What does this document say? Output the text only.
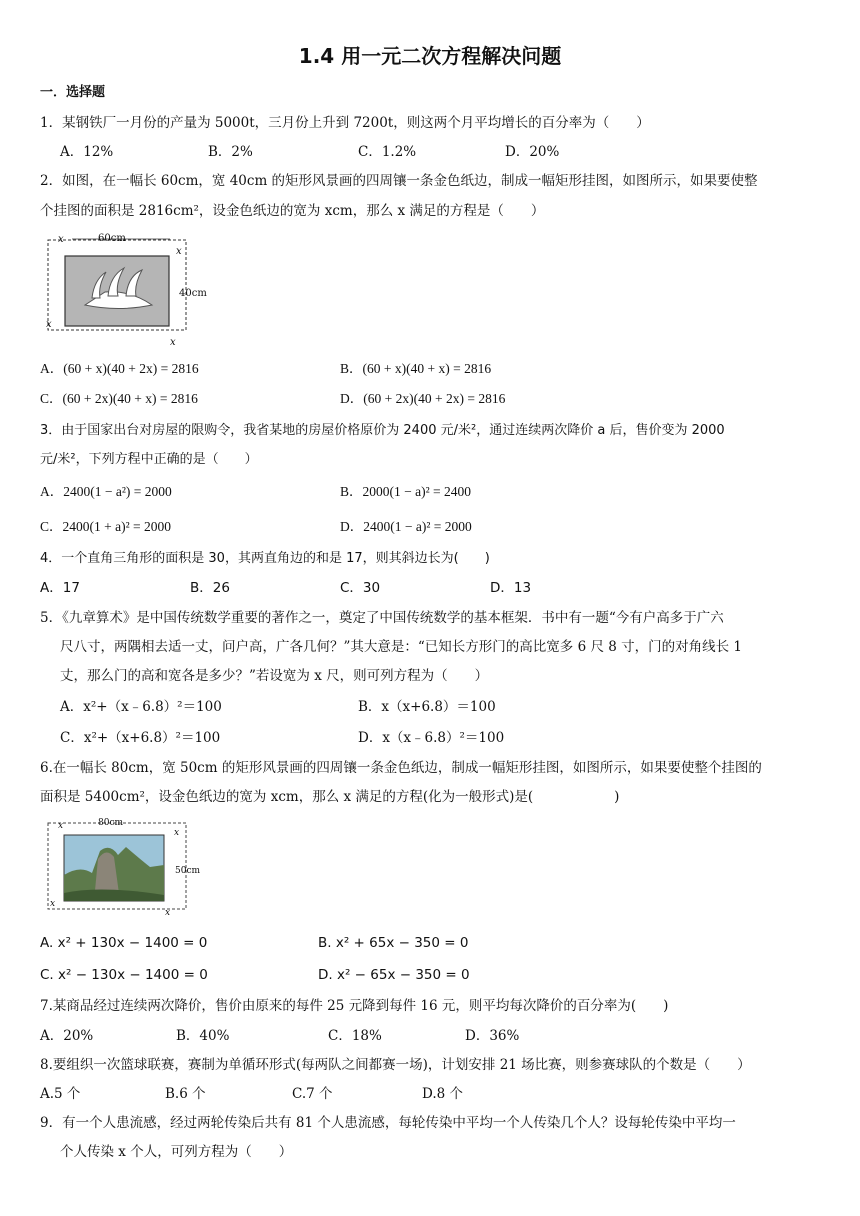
1.4 用一元二次方程解决问题
一．选择题
1．某钢铁厂一月份的产量为 5000t，三月份上升到 7200t，则这两个月平均增长的百分率为（　　）
A．12%	B．2%	C．1.2%	D．20%
2．如图，在一幅长 60cm，宽 40cm 的矩形风景画的四周镶一条金色纸边，制成一幅矩形挂图，如图所示，如果要使整
个挂图的面积是 2816cm²，设金色纸边的宽为 xcm，那么 x 满足的方程是（　　）
60cm
x
x
40cm
x
x
A．(60 + x)(40 + 2x) = 2816	B．(60 + x)(40 + x) = 2816
C．(60 + 2x)(40 + x) = 2816	D．(60 + 2x)(40 + 2x) = 2816
3．由于国家出台对房屋的限购令，我省某地的房屋价格原价为 2400 元/米²，通过连续两次降价 a 后，售价变为 2000
元/米²，下列方程中正确的是（　　）
A．2400(1 − a²) = 2000	B．2000(1 − a)² = 2400
C．2400(1 + a)² = 2000	D．2400(1 − a)² = 2000
4．一个直角三角形的面积是 30，其两直角边的和是 17，则其斜边长为(　　)
A．17	B．26	C．30	D．13
5．《九章算术》是中国传统数学重要的著作之一，奠定了中国传统数学的基本框架．书中有一题“今有户高多于广六
尺八寸，两隅相去适一丈，问户高，广各几何？”其大意是：“已知长方形门的高比宽多 6 尺 8 寸，门的对角线长 1
丈，那么门的高和宽各是多少？”若设宽为 x 尺，则可列方程为（　　）
A．x²+（x﹣6.8）²＝100	B．x（x+6.8）＝100
C．x²+（x+6.8）²＝100	D．x（x﹣6.8）²＝100
6.在一幅长 80cm，宽 50cm 的矩形风景画的四周镶一条金色纸边，制成一幅矩形挂图，如图所示，如果要使整个挂图的
面积是 5400cm²，设金色纸边的宽为 xcm，那么 x 满足的方程(化为一般形式)是(　　　　　　)
80cm
x
x
50cm
x
x
A. x² + 130x − 1400 = 0	B. x² + 65x − 350 = 0
C. x² − 130x − 1400 = 0	D. x² − 65x − 350 = 0
7.某商品经过连续两次降价，售价由原来的每件 25 元降到每件 16 元，则平均每次降价的百分率为(　　)
A．20%	B．40%	C．18%	D．36%
8.要组织一次篮球联赛，赛制为单循环形式(每两队之间都赛一场)，计划安排 21 场比赛，则参赛球队的个数是（　　）
A.5 个	B.6 个	C.7 个	D.8 个
9．有一个人患流感，经过两轮传染后共有 81 个人患流感，每轮传染中平均一个人传染几个人？设每轮传染中平均一
个人传染 x 个人，可列方程为（　　）
